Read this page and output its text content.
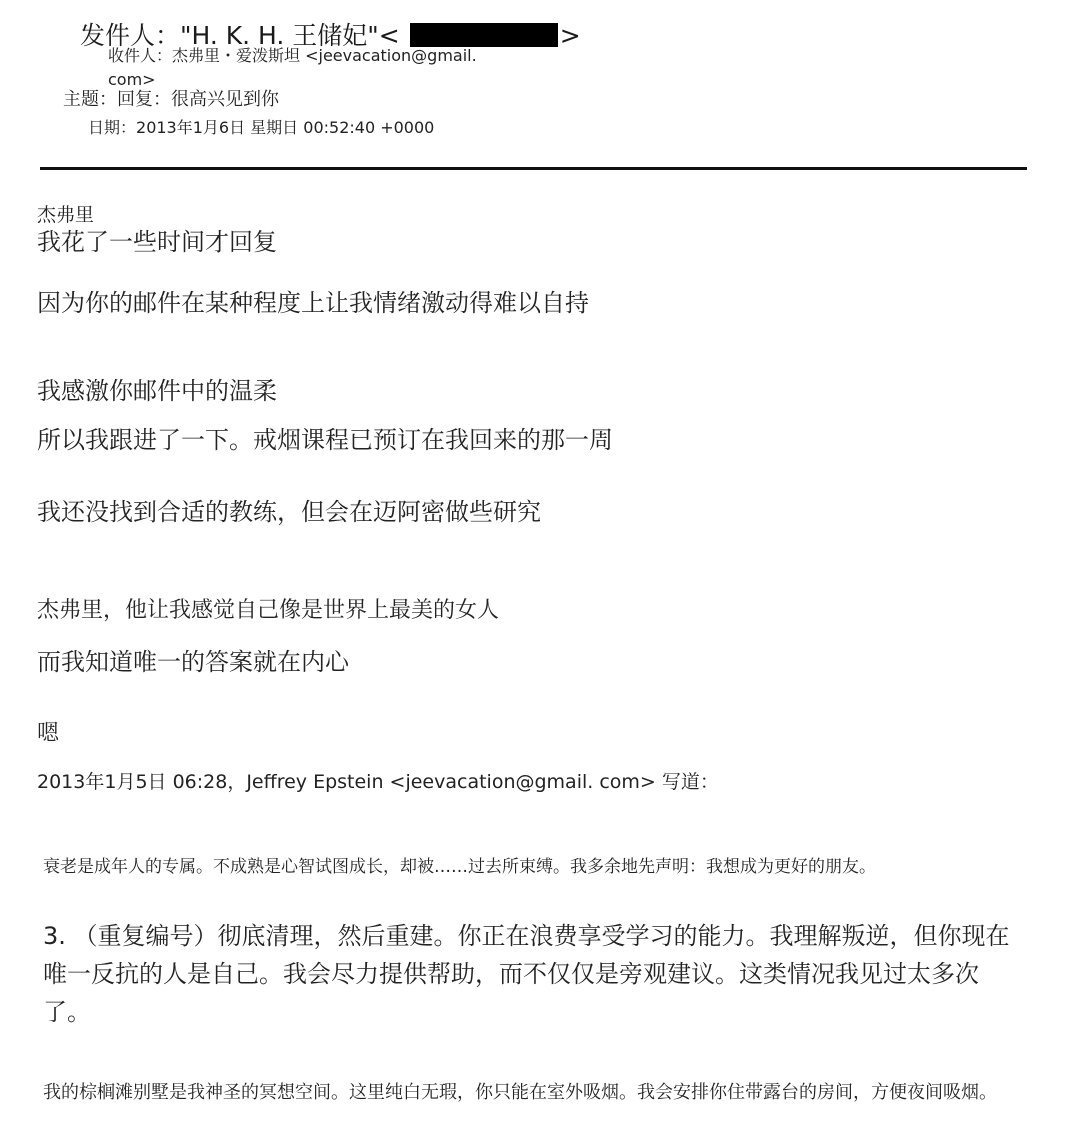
发件人："H. K. H. 王储妃"<	>
收件人：杰弗里・爱泼斯坦 <jeevacation@gmail. com>
主题：回复：很高兴见到你
日期：2013年1月6日 星期日 00:52:40 +0000
杰弗里
我花了一些时间才回复
因为你的邮件在某种程度上让我情绪激动得难以自持
我感激你邮件中的温柔
所以我跟进了一下。戒烟课程已预订在我回来的那一周
我还没找到合适的教练，但会在迈阿密做些研究
杰弗里，他让我感觉自己像是世界上最美的女人
而我知道唯一的答案就在内心
嗯
2013年1月5日 06:28，Jeffrey Epstein <jeevacation@gmail. com> 写道：
衰老是成年人的专属。不成熟是心智试图成长，却被……过去所束缚。我多余地先声明：我想成为更好的朋友。
3. （重复编号）彻底清理，然后重建。你正在浪费享受学习的能力。我理解叛逆，但你现在唯一反抗的人是自己。我会尽力提供帮助，而不仅仅是旁观建议。这类情况我见过太多次了。
我的棕榈滩别墅是我神圣的冥想空间。这里纯白无瑕，你只能在室外吸烟。我会安排你住带露台的房间，方便夜间吸烟。
